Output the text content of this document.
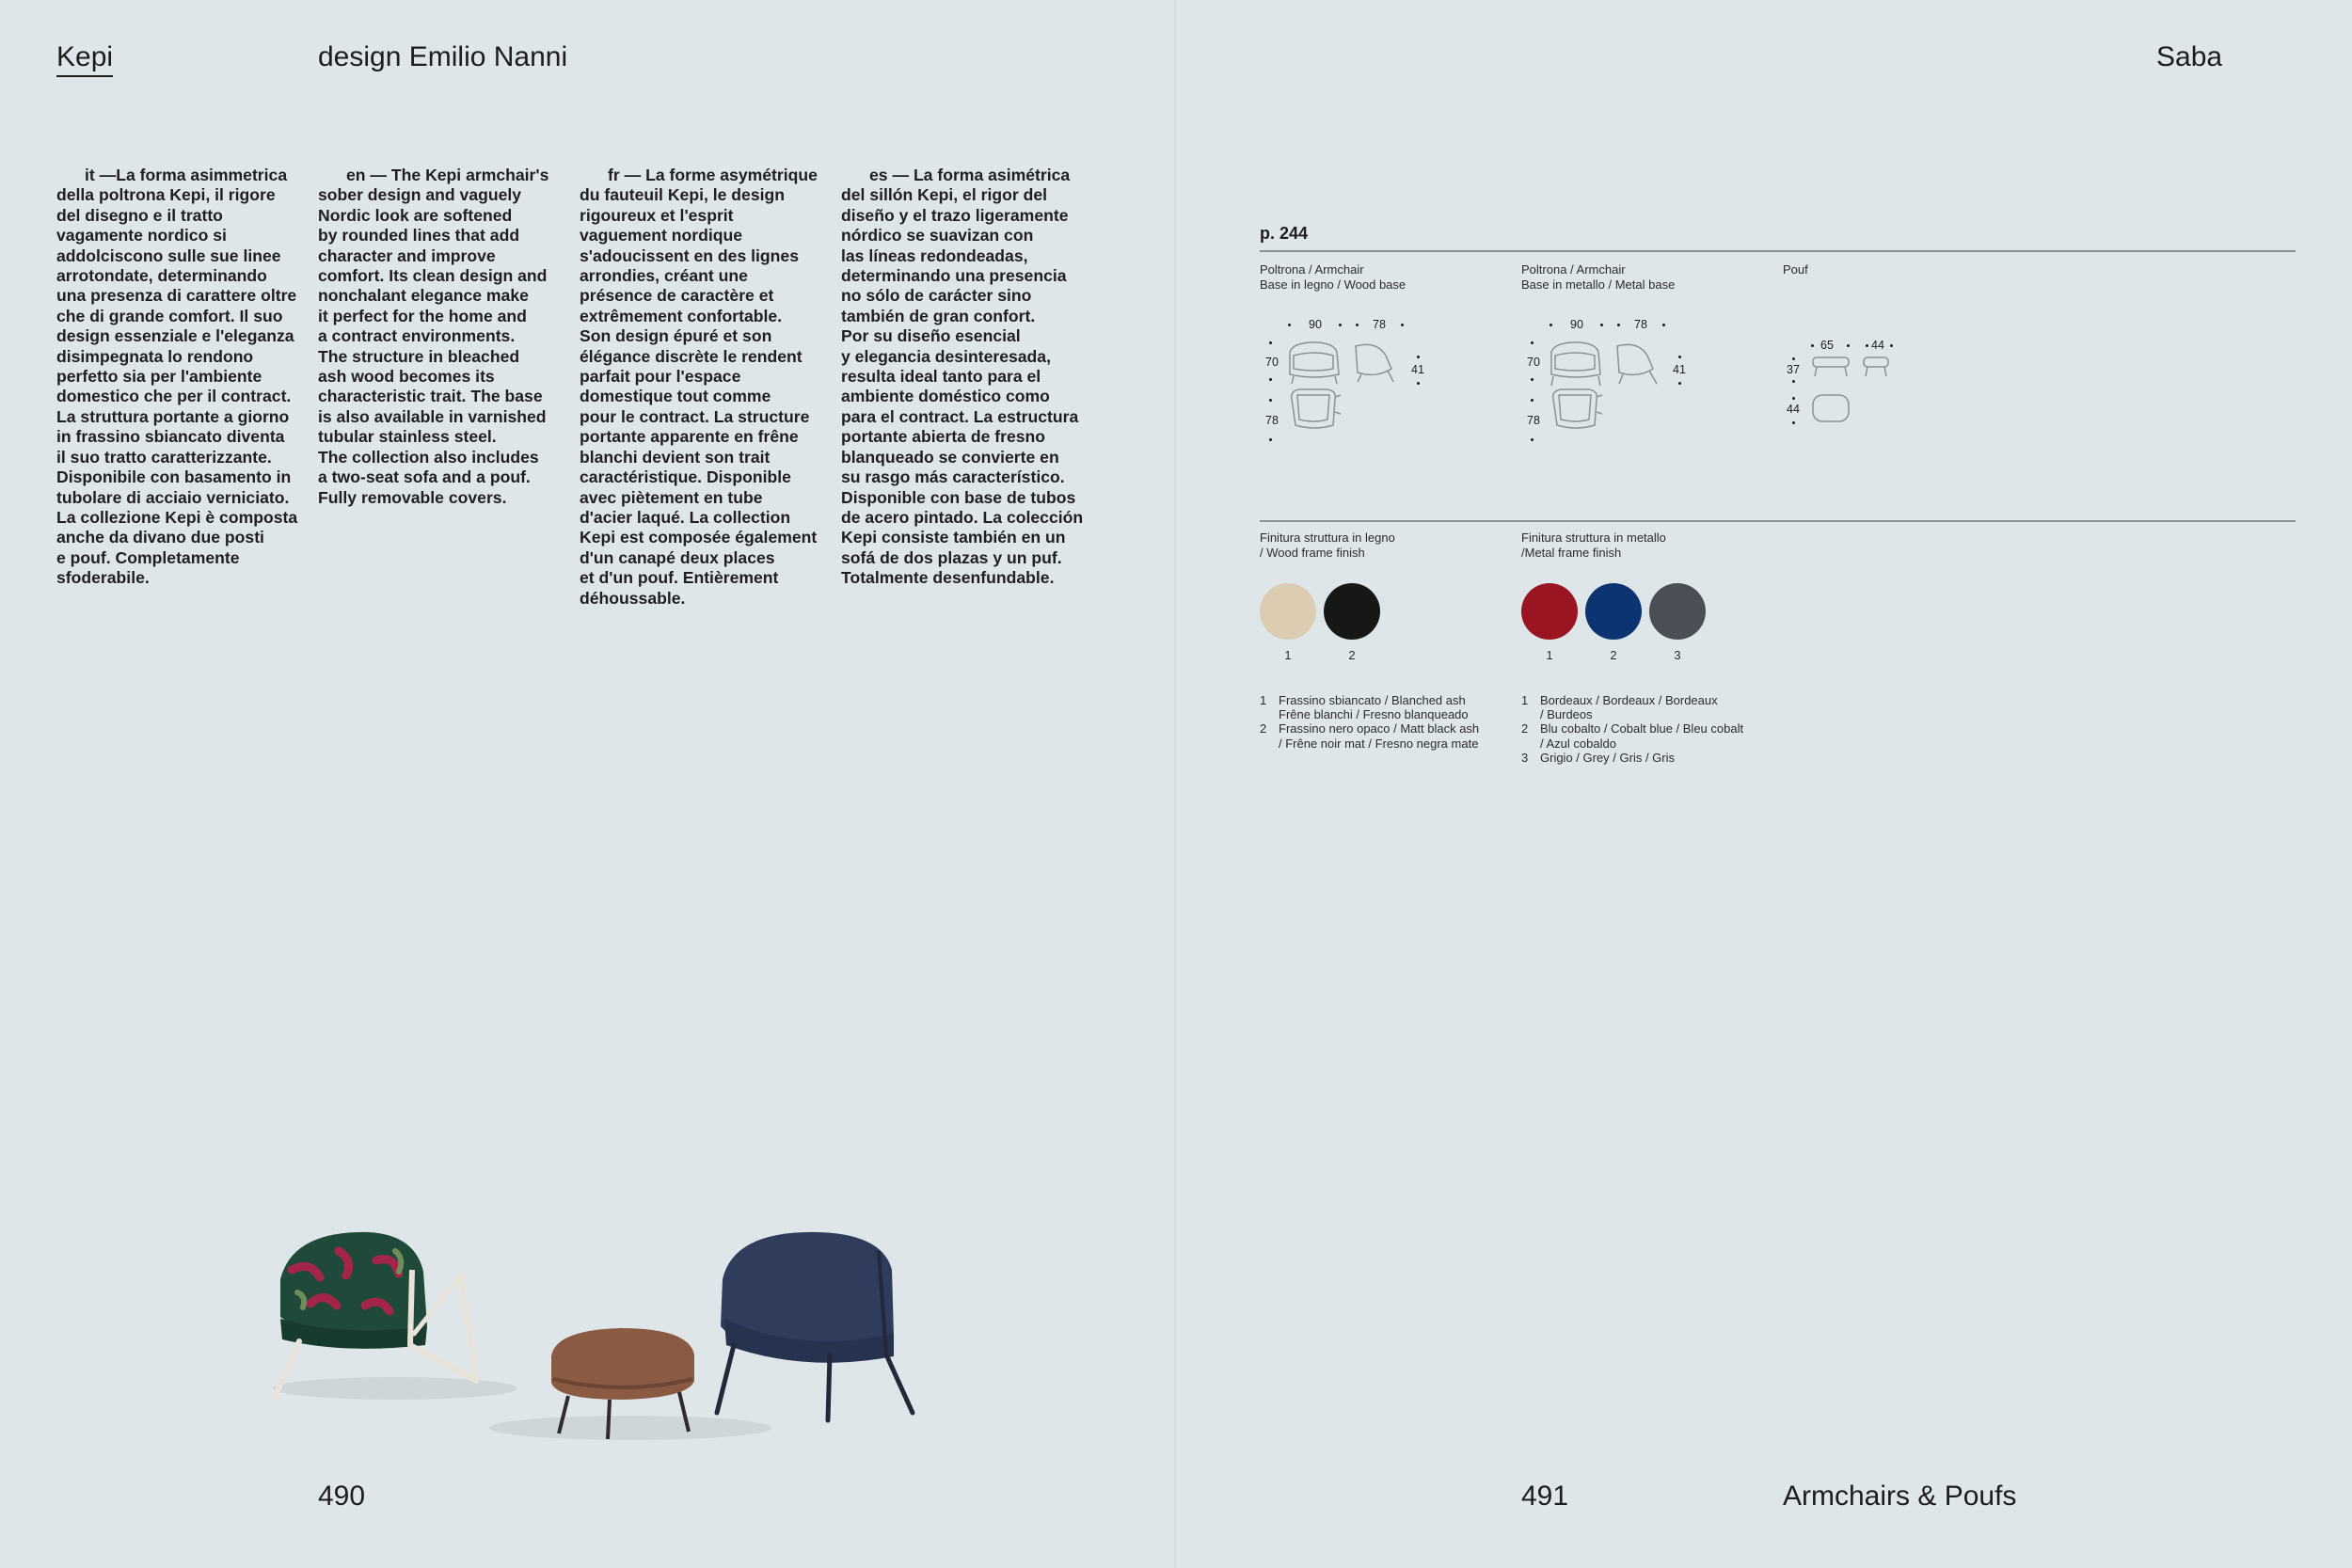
Kepi	design Emilio Nanni	Saba

it —La forma asimmetrica
della poltrona Kepi, il rigore
del disegno e il tratto
vagamente nordico si
addolciscono sulle sue linee
arrotondate, determinando
una presenza di carattere oltre
che di grande comfort. Il suo
design essenziale e l'eleganza
disimpegnata lo rendono
perfetto sia per l'ambiente
domestico che per il contract.
La struttura portante a giorno
in frassino sbiancato diventa
il suo tratto caratterizzante.
Disponibile con basamento in
tubolare di acciaio verniciato.
La collezione Kepi è composta
anche da divano due posti
e pouf. Completamente
sfoderabile.

en — The Kepi armchair's
sober design and vaguely
Nordic look are softened
by rounded lines that add
character and improve
comfort. Its clean design and
nonchalant elegance make
it perfect for the home and
a contract environments.
The structure in bleached
ash wood becomes its
characteristic trait. The base
is also available in varnished
tubular stainless steel.
The collection also includes
a two-seat sofa and a pouf.
Fully removable covers.

fr — La forme asymétrique
du fauteuil Kepi, le design
rigoureux et l'esprit
vaguement nordique
s'adoucissent en des lignes
arrondies, créant une
présence de caractère et
extrêmement confortable.
Son design épuré et son
élégance discrète le rendent
parfait pour l'espace
domestique tout comme
pour le contract. La structure
portante apparente en frêne
blanchi devient son trait
caractéristique. Disponible
avec piètement en tube
d'acier laqué. La collection
Kepi est composée également
d'un canapé deux places
et d'un pouf. Entièrement
déhoussable.

es — La forma asimétrica
del sillón Kepi, el rigor del
diseño y el trazo ligeramente
nórdico se suavizan con
las líneas redondeadas,
determinando una presencia
no sólo de carácter sino
también de gran confort.
Por su diseño esencial
y elegancia desinteresada,
resulta ideal tanto para el
ambiente doméstico como
para el contract. La estructura
portante abierta de fresno
blanqueado se convierte en
su rasgo más característico.
Disponible con base de tubos
de acero pintado. La colección
Kepi consiste también en un
sofá de dos plazas y un puf.
Totalmente desenfundable.

490	491	Armchairs & Poufs
p. 244
Poltrona / Armchair
Base in legno / Wood base
Poltrona / Armchair
Base in metallo / Metal base
Pouf
90	78
70
41
78
90	78
70
41
78
65	44
37
44
Finitura struttura in legno
/ Wood frame finish
Finitura struttura in metallo
/Metal frame finish
1	2	1	2	3
1 Frassino sbiancato / Blanched ash
Frêne blanchi / Fresno blanqueado
2 Frassino nero opaco / Matt black ash
/ Frêne noir mat / Fresno negra mate
1 Bordeaux / Bordeaux / Bordeaux
/ Burdeos
2 Blu cobalto / Cobalt blue / Bleu cobalt
/ Azul cobaldo
3 Grigio / Grey / Gris / Gris
